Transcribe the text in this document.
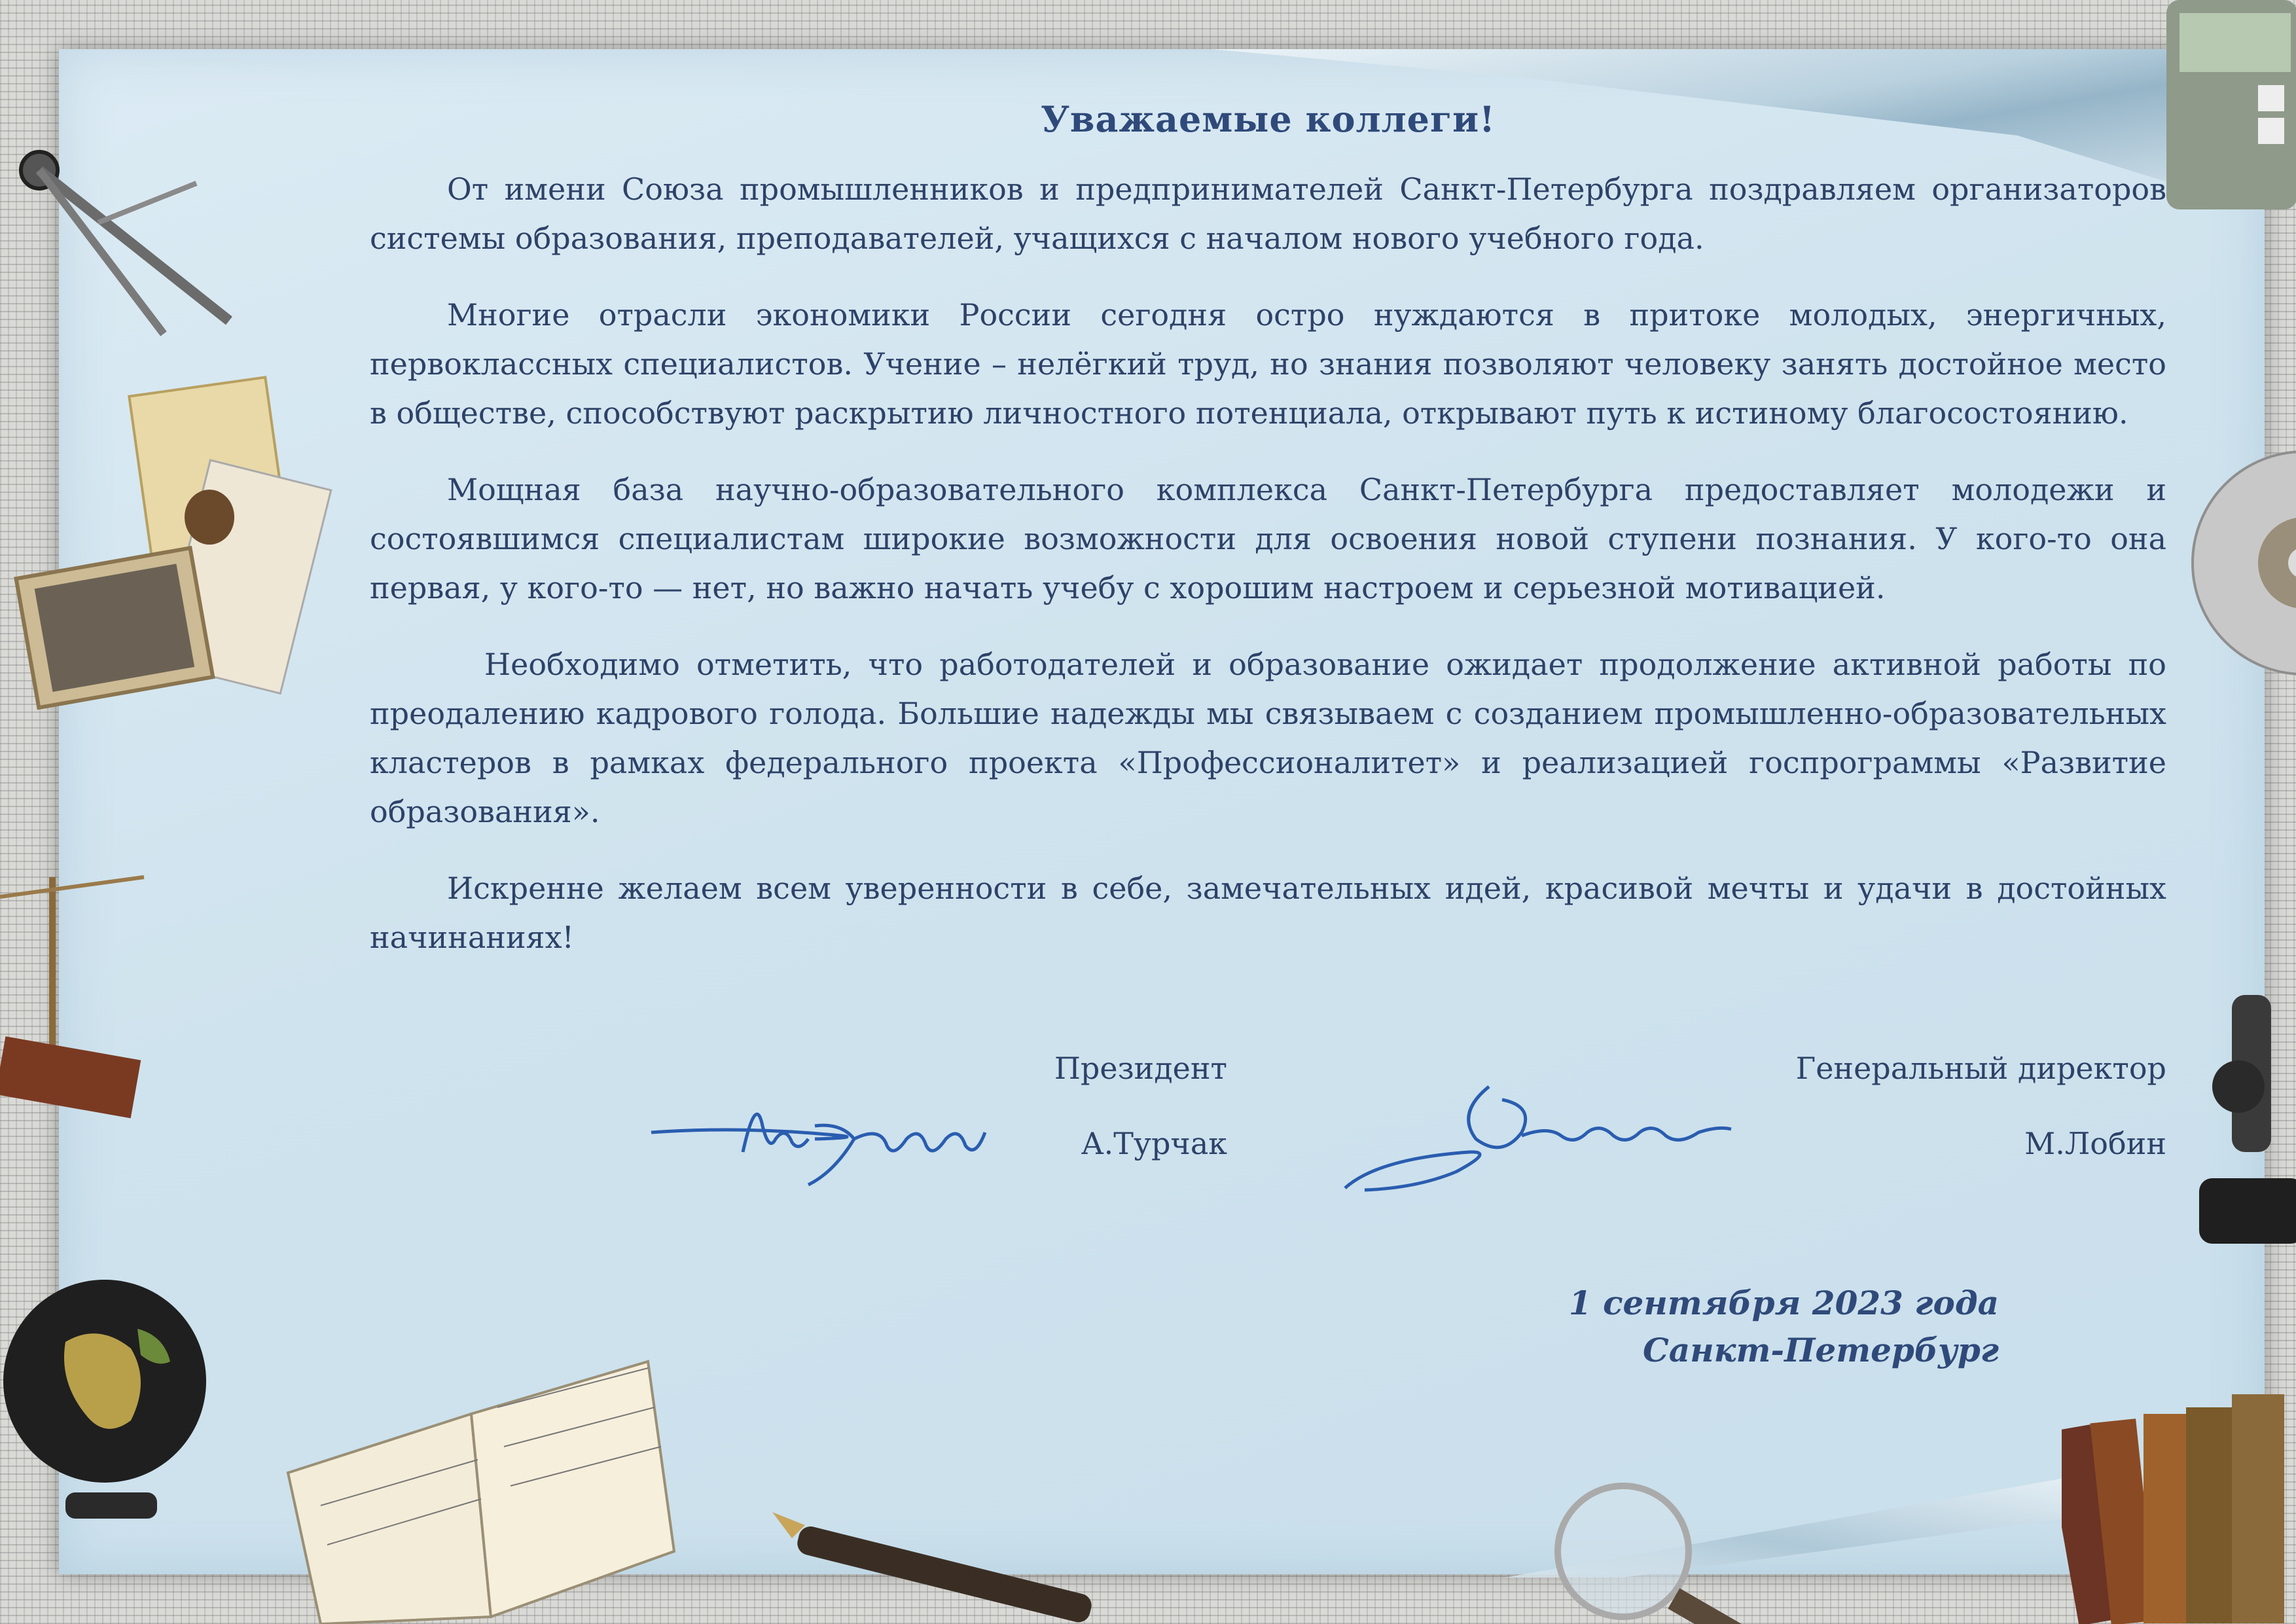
Уважаемые коллеги!

От имени Союза промышленников и предпринимателей Санкт-Петербурга поздравляем организаторов системы образования, преподавателей, учащихся с началом нового учебного года.

Многие отрасли экономики России сегодня остро нуждаются в притоке молодых, энергичных, первоклассных специалистов. Учение – нелёгкий труд, но знания позволяют человеку занять достойное место в обществе, способствуют раскрытию личностного потенциала, открывают путь к истиному благосостоянию.

Мощная база научно-образовательного комплекса Санкт-Петербурга предоставляет молодежи и состоявшимся специалистам широкие возможности для освоения новой ступени познания. У кого-то она первая, у кого-то — нет, но важно начать учебу с хорошим настроем и серьезной мотивацией.

Необходимо отметить, что работодателей и образование ожидает продолжение активной работы по преодалению кадрового голода. Большие надежды мы связываем с созданием промышленно-образовательных кластеров в рамках федерального проекта «Профессионалитет» и реализацией госпрограммы «Развитие образования».

Искренне желаем всем уверенности в себе, замечательных идей, красивой мечты и удачи в достойных начинаниях!

Президент
А.Турчак
Генеральный директор
М.Лобин
1 сентября 2023 года
Санкт-Петербург
